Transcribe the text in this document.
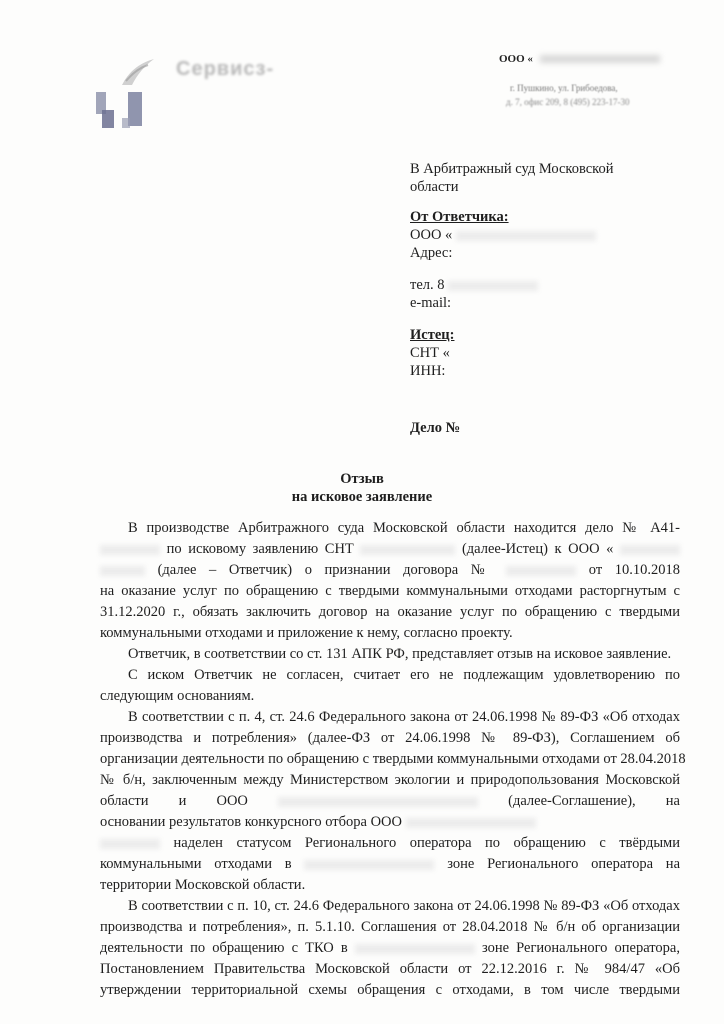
Сервисз-	ООО «
г. Пушкино, ул. Грибоедова,
д. 7, офис 209, 8 (495) 223-17-30
В Арбитражный суд Московской
области
От Ответчика:
ООО «
Адрес:
тел. 8
e-mail:
Истец:
СНТ «
ИНН:
Дело №
Отзыв
на исковое заявление
В производстве Арбитражного суда Московской области находится дело № А41-
по исковому заявлению СНТ	(далее-Истец) к ООО «
(далее – Ответчик) о признании договора №	от 10.10.2018
на оказание услуг по обращению с твердыми коммунальными отходами расторгнутым с
31.12.2020 г., обязать заключить договор на оказание услуг по обращению с твердыми
коммунальными отходами и приложение к нему, согласно проекту.
Ответчик, в соответствии со ст. 131 АПК РФ, представляет отзыв на исковое заявление.
С иском Ответчик не согласен, считает его не подлежащим удовлетворению по
следующим основаниям.
В соответствии с п. 4, ст. 24.6 Федерального закона от 24.06.1998 № 89-ФЗ «Об отходах
производства и потребления» (далее-ФЗ от 24.06.1998 № 89-ФЗ), Соглашением об
организации деятельности по обращению с твердыми коммунальными отходами от 28.04.2018
№ б/н, заключенным между Министерством экологии и природопользования Московской
области и ООО	(далее-Соглашение), на
основании результатов конкурсного отбора ООО
наделен статусом Регионального оператора по обращению с твёрдыми
коммунальными отходами в	зоне Регионального оператора на
территории Московской области.
В соответствии с п. 10, ст. 24.6 Федерального закона от 24.06.1998 № 89-ФЗ «Об отходах
производства и потребления», п. 5.1.10. Соглашения от 28.04.2018 № б/н об организации
деятельности по обращению с ТКО в	зоне Регионального оператора,
Постановлением Правительства Московской области от 22.12.2016 г. № 984/47 «Об
утверждении территориальной схемы обращения с отходами, в том числе твердыми
